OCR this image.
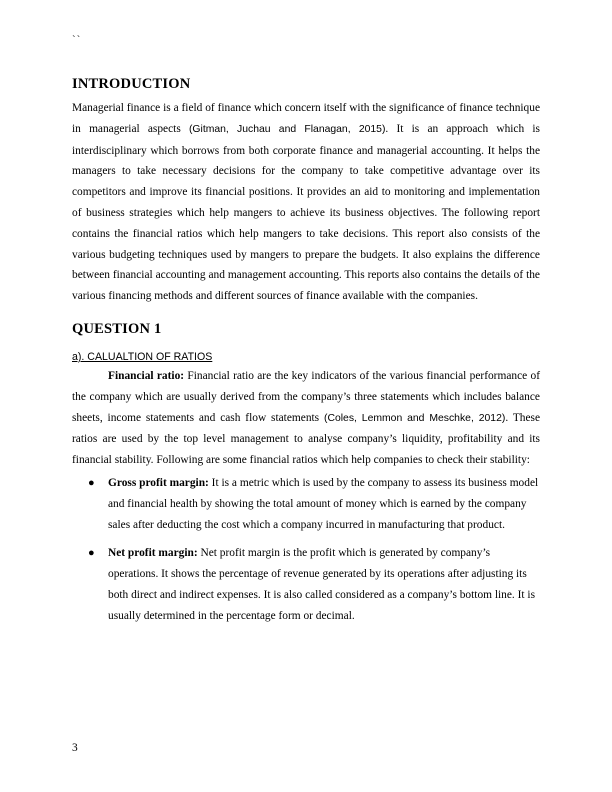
``
INTRODUCTION

Managerial finance is a field of finance which concern itself with the significance of finance technique in managerial aspects (Gitman, Juchau and Flanagan, 2015). It is an approach which is interdisciplinary which borrows from both corporate finance and managerial accounting. It helps the managers to take necessary decisions for the company to take competitive advantage over its competitors and improve its financial positions. It provides an aid to monitoring and implementation of business strategies which help mangers to achieve its business objectives. The following report contains the financial ratios which help mangers to take decisions. This report also consists of the various budgeting techniques used by mangers to prepare the budgets. It also explains the difference between financial accounting and management accounting. This reports also contains the details of the various financing methods and different sources of finance available with the companies.

QUESTION 1

a). CALUALTION OF RATIOS

Financial ratio: Financial ratio are the key indicators of the various financial performance of the company which are usually derived from the company’s three statements which includes balance sheets, income statements and cash flow statements (Coles, Lemmon and Meschke, 2012). These ratios are used by the top level management to analyse company’s liquidity, profitability and its financial stability. Following are some financial ratios which help companies to check their stability:

● Gross profit margin: It is a metric which is used by the company to assess its business model and financial health by showing the total amount of money which is earned by the company sales after deducting the cost which a company incurred in manufacturing that product.
● Net profit margin: Net profit margin is the profit which is generated by company’s operations. It shows the percentage of revenue generated by its operations after adjusting its both direct and indirect expenses. It is also called considered as a company’s bottom line. It is usually determined in the percentage form or decimal.
3
